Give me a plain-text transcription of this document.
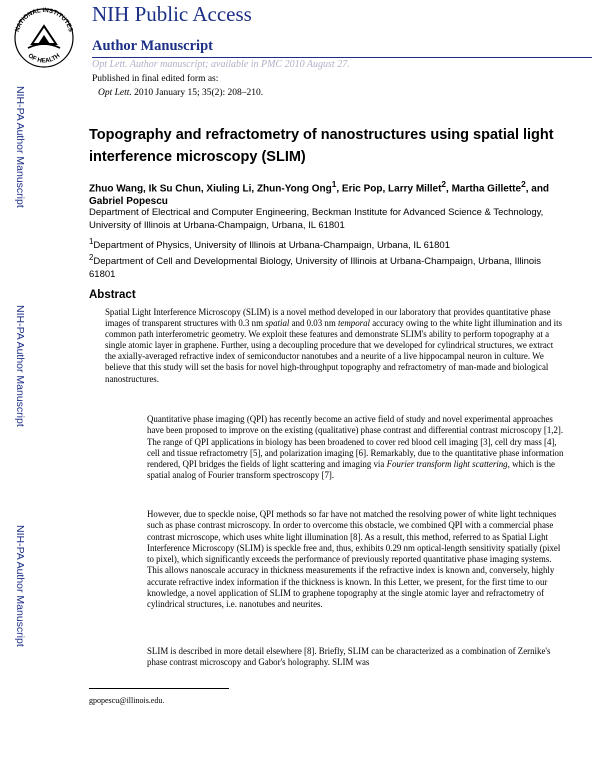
NATIONAL INSTITUTES
OF HEALTH
NIH Public Access
Author Manuscript
Opt Lett. Author manuscript; available in PMC 2010 August 27.
Published in final edited form as:
Opt Lett. 2010 January 15; 35(2): 208–210.
NIH-PA Author Manuscript
NIH-PA Author Manuscript
NIH-PA Author Manuscript
Topography and refractometry of nanostructures using spatial light interference microscopy (SLIM)
Zhuo Wang, Ik Su Chun, Xiuling Li, Zhun-Yong Ong$^1$, Eric Pop, Larry Millet$^2$, Martha Gillette$^2$, and Gabriel Popescu
Department of Electrical and Computer Engineering, Beckman Institute for Advanced Science & Technology, University of Illinois at Urbana-Champaign, Urbana, IL 61801
$^1$Department of Physics, University of Illinois at Urbana-Champaign, Urbana, IL 61801
$^2$Department of Cell and Developmental Biology, University of Illinois at Urbana-Champaign, Urbana, Illinois 61801
Abstract
Spatial Light Interference Microscopy (SLIM) is a novel method developed in our laboratory that provides quantitative phase images of transparent structures with 0.3 nm spatial and 0.03 nm temporal accuracy owing to the white light illumination and its common path interferometric geometry. We exploit these features and demonstrate SLIM's ability to perform topography at a single atomic layer in graphene. Further, using a decoupling procedure that we developed for cylindrical structures, we extract the axially-averaged refractive index of semiconductor nanotubes and a neurite of a live hippocampal neuron in culture. We believe that this study will set the basis for novel high-throughput topography and refractometry of man-made and biological nanostructures.
Quantitative phase imaging (QPI) has recently become an active field of study and novel experimental approaches have been proposed to improve on the existing (qualitative) phase contrast and differential contrast microscopy [1,2]. The range of QPI applications in biology has been broadened to cover red blood cell imaging [3], cell dry mass [4], cell and tissue refractometry [5], and polarization imaging [6]. Remarkably, due to the quantitative phase information rendered, QPI bridges the fields of light scattering and imaging via Fourier transform light scattering, which is the spatial analog of Fourier transform spectroscopy [7].
However, due to speckle noise, QPI methods so far have not matched the resolving power of white light techniques such as phase contrast microscopy. In order to overcome this obstacle, we combined QPI with a commercial phase contrast microscope, which uses white light illumination [8]. As a result, this method, referred to as Spatial Light Interference Microscopy (SLIM) is speckle free and, thus, exhibits 0.29 nm optical-length sensitivity spatially (pixel to pixel), which significantly exceeds the performance of previously reported quantitative phase imaging systems. This allows nanoscale accuracy in thickness measurements if the refractive index is known and, conversely, highly accurate refractive index information if the thickness is known. In this Letter, we present, for the first time to our knowledge, a novel application of SLIM to graphene topography at the single atomic layer and refractometry of cylindrical structures, i.e. nanotubes and neurites.
SLIM is described in more detail elsewhere [8]. Briefly, SLIM can be characterized as a combination of Zernike's phase contrast microscopy and Gabor's holography. SLIM was
gpopescu@illinois.edu.
